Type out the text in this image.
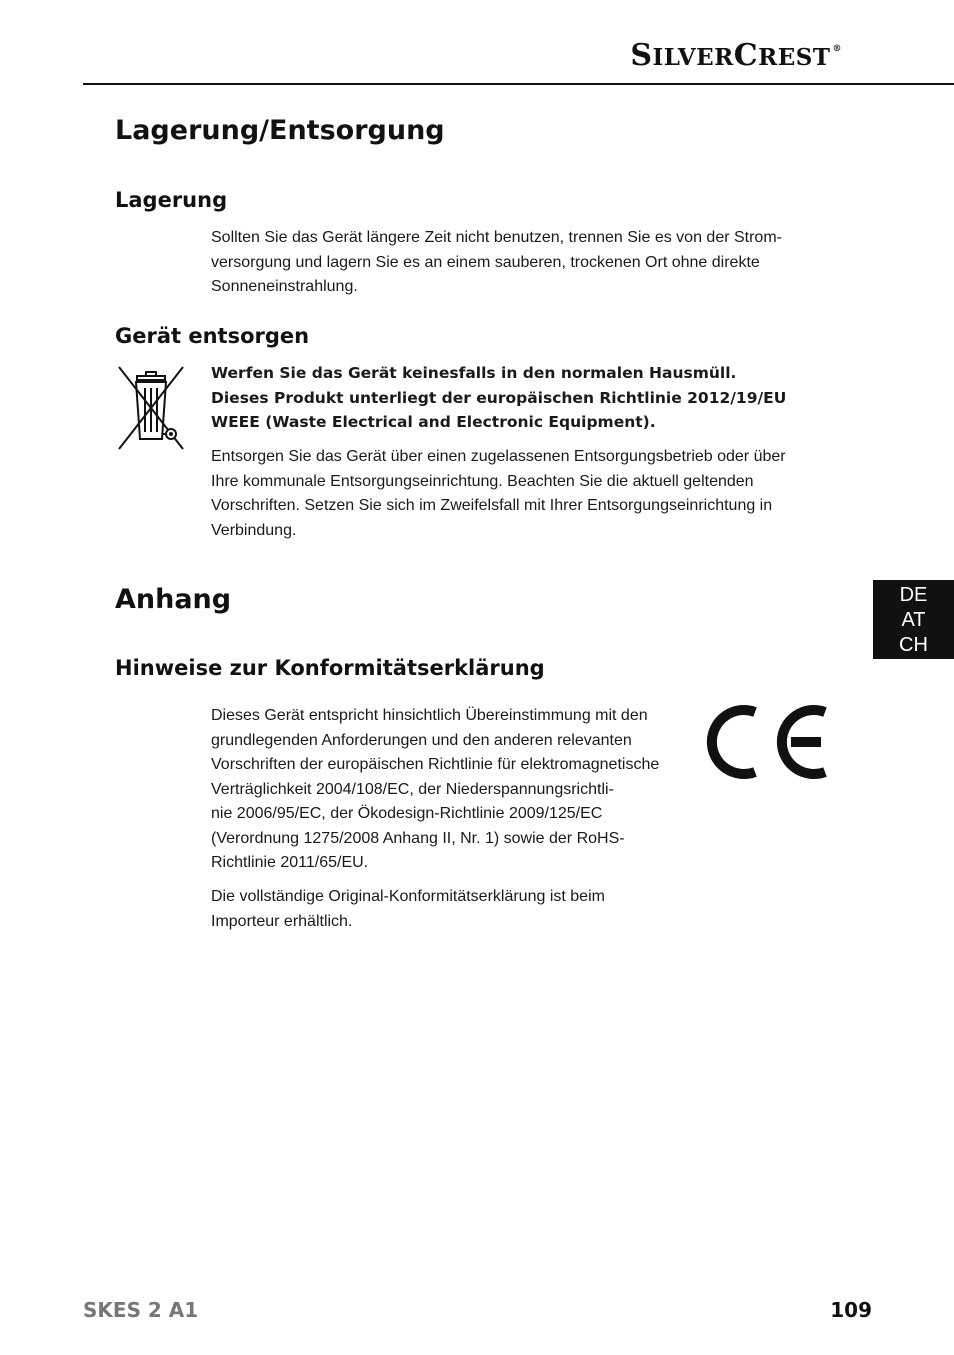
SILVERCREST ®
Lagerung/Entsorgung
Lagerung

Sollten Sie das Gerät längere Zeit nicht benutzen, trennen Sie es von der Strom-
versorgung und lagern Sie es an einem sauberen, trockenen Ort ohne direkte
Sonneneinstrahlung.

Gerät entsorgen

Werfen Sie das Gerät keinesfalls in den normalen Hausmüll.
Dieses Produkt unterliegt der europäischen Richtlinie 2012/19/EU
WEEE (Waste Electrical and Electronic Equipment).

Entsorgen Sie das Gerät über einen zugelassenen Entsorgungsbetrieb oder über
Ihre kommunale Entsorgungseinrichtung. Beachten Sie die aktuell geltenden
Vorschriften. Setzen Sie sich im Zweifelsfall mit Ihrer Entsorgungseinrichtung in
Verbindung.

Anhang
Hinweise zur Konformitätserklärung

Dieses Gerät entspricht hinsichtlich Übereinstimmung mit den
grundlegenden Anforderungen und den anderen relevanten
Vorschriften der europäischen Richtlinie für elektromagnetische
Verträglichkeit 2004/108/EC, der Niederspannungsrichtli-
nie 2006/95/EC, der Ökodesign-Richtlinie 2009/125/EC
(Verordnung 1275/2008 Anhang II, Nr. 1) sowie der RoHS-
Richtlinie 2011/65/EU.

Die vollständige Original-Konformitätserklärung ist beim
Importeur erhältlich.

DE
AT
CH
SKES 2 A1	109
